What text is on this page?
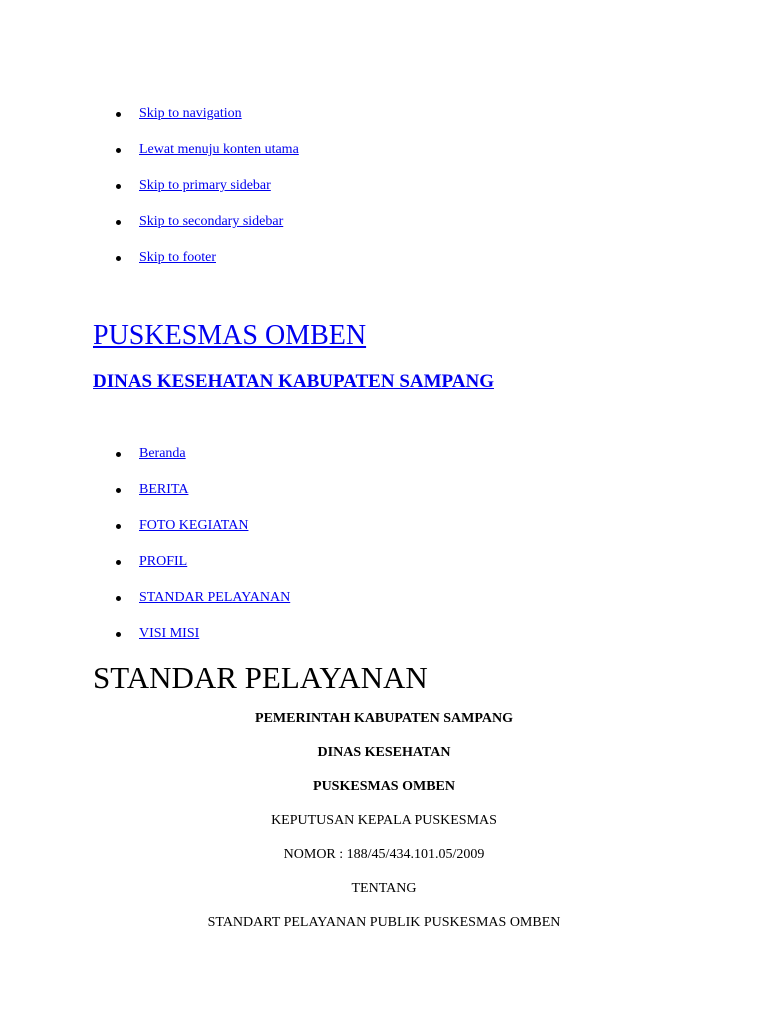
Skip to navigation
Lewat menuju konten utama
Skip to primary sidebar
Skip to secondary sidebar
Skip to footer
PUSKESMAS OMBEN
DINAS KESEHATAN KABUPATEN SAMPANG
Beranda
BERITA
FOTO KEGIATAN
PROFIL
STANDAR PELAYANAN
VISI MISI
STANDAR PELAYANAN

PEMERINTAH KABUPATEN SAMPANG

DINAS KESEHATAN

PUSKESMAS OMBEN

KEPUTUSAN KEPALA PUSKESMAS

NOMOR : 188/45/434.101.05/2009

TENTANG

STANDART PELAYANAN PUBLIK PUSKESMAS OMBEN
